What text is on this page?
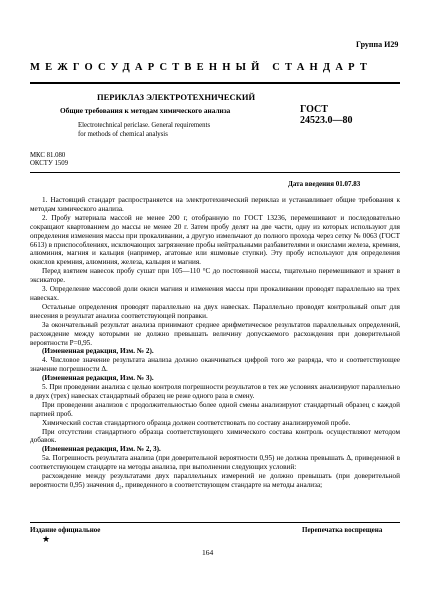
Группа И29
МЕЖГОСУДАРСТВЕННЫЙ СТАНДАРТ
ПЕРИКЛАЗ ЭЛЕКТРОТЕХНИЧЕСКИЙ
Общие требования к методам химического анализа	ГОСТ
24523.0—80
Electrotechnical periclase. General requirements
for methods of chemical analysis
МКС 81.080
ОКСТУ 1509
Дата введения 01.07.83

1. Настоящий стандарт распространяется на электротехнический периклаз и устанавливает общие требования к методам химического анализа.

2. Пробу материала массой не менее 200 г, отобранную по ГОСТ 13236, перемешивают и последовательно сокращают квартованием до массы не менее 20 г. Затем пробу делят на две части, одну из которых используют для определения изменения массы при прокаливании, а другую измельчают до полного прохода через сетку № 0063 (ГОСТ 6613) в приспособлениях, исключающих загрязнение пробы нейтральными разбавителями и окислами железа, кремния, алюминия, магния и кальция (например, агатовые или яшмовые ступки). Эту пробу используют для определения окислов кремния, алюминия, железа, кальция и магния.

Перед взятием навесок пробу сушат при 105—110 °С до постоянной массы, тщательно перемешивают и хранят в эксикаторе.

3. Определение массовой доли окиси магния и изменения массы при прокаливании проводят параллельно на трех навесках.

Остальные определения проводят параллельно на двух навесках. Параллельно проводят контрольный опыт для внесения в результат анализа соответствующей поправки.

За окончательный результат анализа принимают среднее арифметическое результатов параллельных определений, расхождение между которыми не должно превышать величину допускаемого расхождения при доверительной вероятности P=0,95.

(Измененная редакция, Изм. № 2).

4. Числовое значение результата анализа должно оканчиваться цифрой того же разряда, что и соответствующее значение погрешности Δ.

(Измененная редакция, Изм. № 3).

5. При проведении анализа с целью контроля погрешности результатов в тех же условиях анализируют параллельно в двух (трех) навесках стандартный образец не реже одного раза в смену.

При проведении анализов с продолжительностью более одной смены анализируют стандартный образец с каждой партией проб.

Химический состав стандартного образца должен соответствовать по составу анализируемой пробе.

При отсутствии стандартного образца соответствующего химического состава контроль осуществляют методом добавок.

(Измененная редакция, Изм. № 2, 3).

5а. Погрешность результата анализа (при доверительной вероятности 0,95) не должна превышать Δ, приведенной в соответствующем стандарте на методы анализа, при выполнении следующих условий:

расхождение между результатами двух параллельных измерений не должно превышать (при доверительной вероятности 0,95) значения d₂, приведенного в соответствующем стандарте на методы анализа;

Издание официальное
★
Перепечатка воспрещена
164
